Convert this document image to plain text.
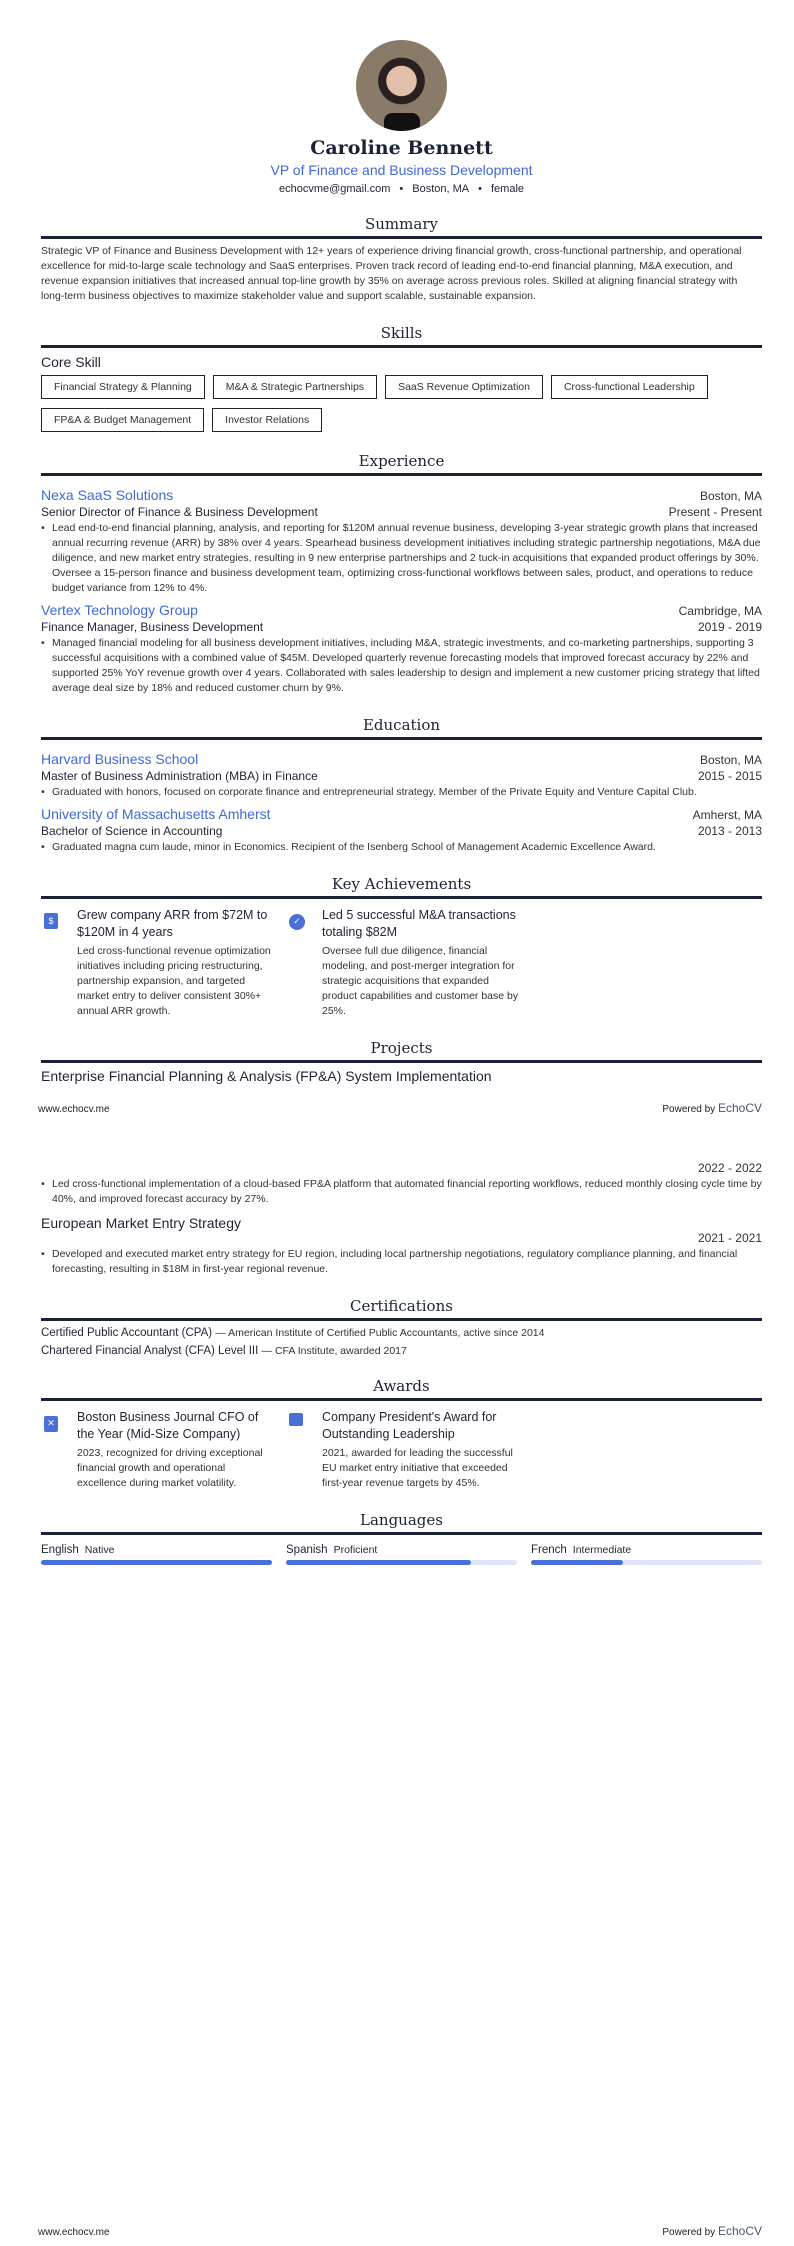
Caroline Bennett
VP of Finance and Business Development
echocvme@gmail.com • Boston, MA • female
Summary

Strategic VP of Finance and Business Development with 12+ years of experience driving financial growth, cross-functional partnership, and operational excellence for mid-to-large scale technology and SaaS enterprises. Proven track record of leading end-to-end financial planning, M&A execution, and revenue expansion initiatives that increased annual top-line growth by 35% on average across previous roles. Skilled at aligning financial strategy with long-term business objectives to maximize stakeholder value and support scalable, sustainable expansion.

Skills
Core Skill
Financial Strategy & Planning	M&A & Strategic Partnerships	SaaS Revenue Optimization	Cross-functional Leadership
FP&A & Budget Management	Investor Relations
Experience
Nexa SaaS Solutions	Boston, MA
Senior Director of Finance & Business Development	Present - Present
• Lead end-to-end financial planning, analysis, and reporting for $120M annual revenue business, developing 3-year strategic growth plans that increased annual recurring revenue (ARR) by 38% over 4 years. Spearhead business development initiatives including strategic partnership negotiations, M&A due diligence, and new market entry strategies, resulting in 9 new enterprise partnerships and 2 tuck-in acquisitions that expanded product offerings by 30%. Oversee a 15-person finance and business development team, optimizing cross-functional workflows between sales, product, and operations to reduce budget variance from 12% to 4%.
Vertex Technology Group	Cambridge, MA
Finance Manager, Business Development	2019 - 2019
• Managed financial modeling for all business development initiatives, including M&A, strategic investments, and co-marketing partnerships, supporting 3 successful acquisitions with a combined value of $45M. Developed quarterly revenue forecasting models that improved forecast accuracy by 22% and supported 25% YoY revenue growth over 4 years. Collaborated with sales leadership to design and implement a new customer pricing strategy that lifted average deal size by 18% and reduced customer churn by 9%.
Education
Harvard Business School	Boston, MA
Master of Business Administration (MBA) in Finance	2015 - 2015
• Graduated with honors, focused on corporate finance and entrepreneurial strategy. Member of the Private Equity and Venture Capital Club.
University of Massachusetts Amherst	Amherst, MA
Bachelor of Science in Accounting	2013 - 2013
• Graduated magna cum laude, minor in Economics. Recipient of the Isenberg School of Management Academic Excellence Award.
Key Achievements
$	Grew company ARR from $72M to $120M in 4 years
Led cross-functional revenue optimization initiatives including pricing restructuring, partnership expansion, and targeted market entry to deliver consistent 30%+ annual ARR growth.
✓	Led 5 successful M&A transactions totaling $82M
Oversee full due diligence, financial modeling, and post-merger integration for strategic acquisitions that expanded product capabilities and customer base by 25%.
Projects
Enterprise Financial Planning & Analysis (FP&A) System Implementation
www.echocv.me	Powered by EchoCV
2022 - 2022
• Led cross-functional implementation of a cloud-based FP&A platform that automated financial reporting workflows, reduced monthly closing cycle time by 40%, and improved forecast accuracy by 27%.
European Market Entry Strategy
2021 - 2021
• Developed and executed market entry strategy for EU region, including local partnership negotiations, regulatory compliance planning, and financial forecasting, resulting in $18M in first-year regional revenue.
Certifications
Certified Public Accountant (CPA) — American Institute of Certified Public Accountants, active since 2014
Chartered Financial Analyst (CFA) Level III — CFA Institute, awarded 2017
Awards
✕	Boston Business Journal CFO of the Year (Mid-Size Company)
2023, recognized for driving exceptional financial growth and operational excellence during market volatility.
Company President's Award for Outstanding Leadership
2021, awarded for leading the successful EU market entry initiative that exceeded first-year revenue targets by 45%.
Languages
English Native	Spanish Proficient	French Intermediate
www.echocv.me	Powered by EchoCV
